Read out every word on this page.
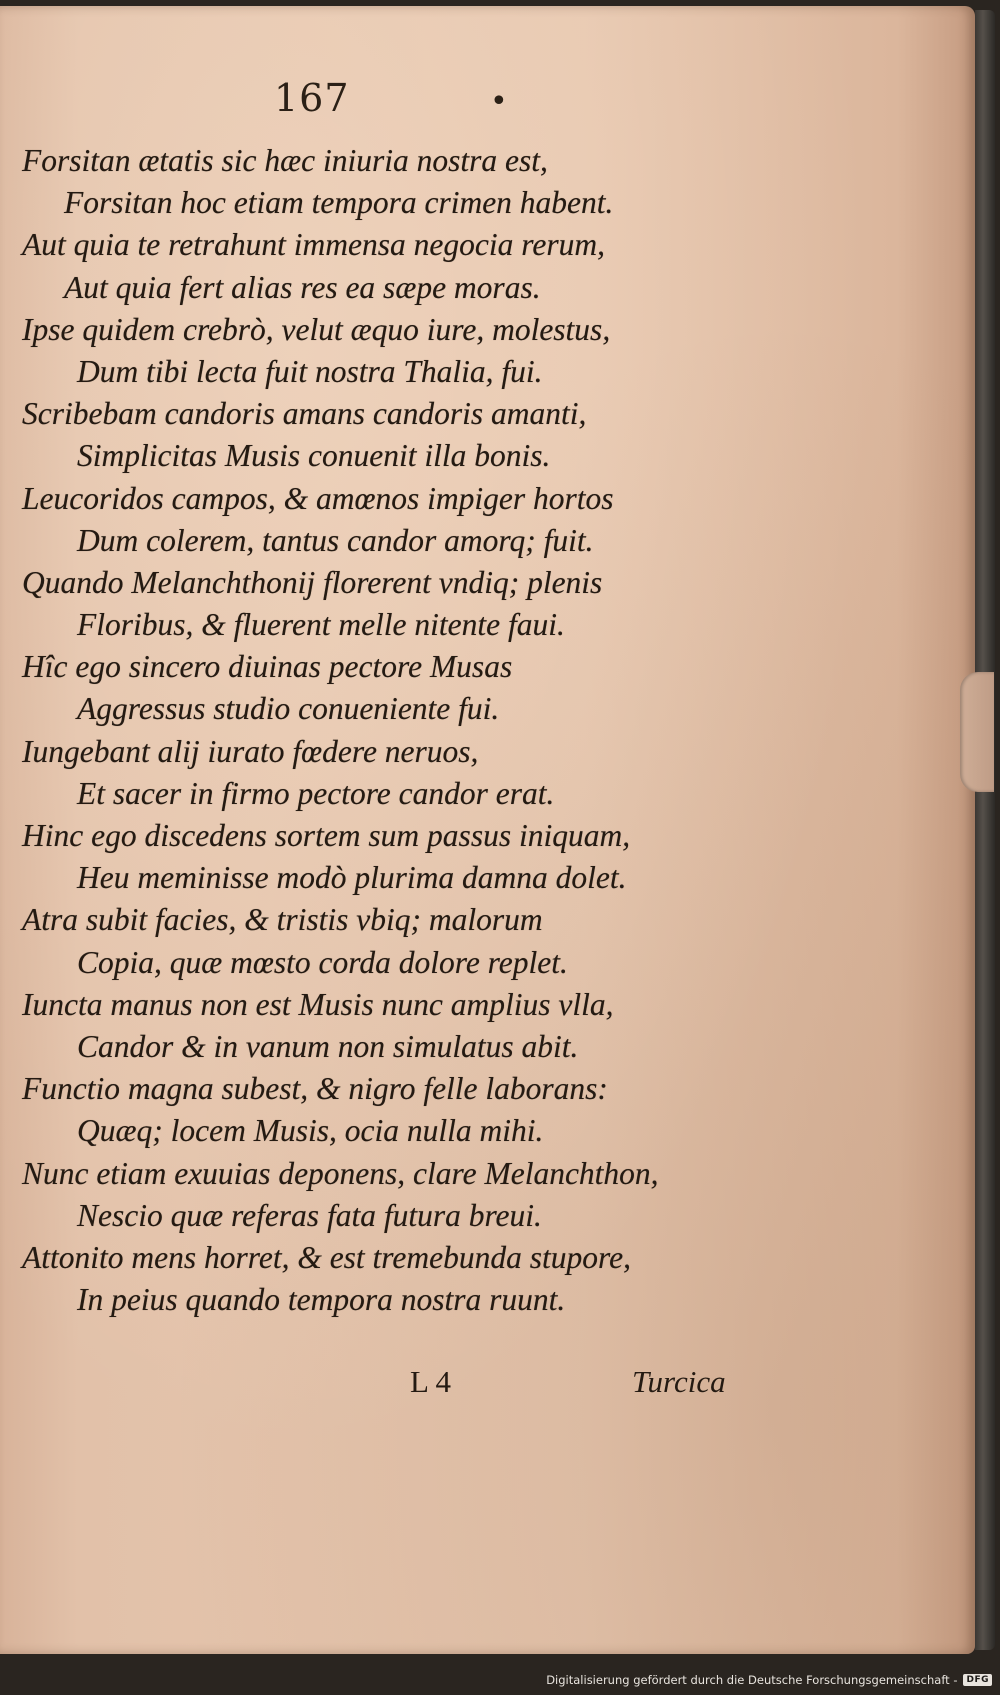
167	•
Forsitan ætatis sic hæc iniuria nostra est,
Forsitan hoc etiam tempora crimen habent.
Aut quia te retrahunt immensa negocia rerum,
Aut quia fert alias res ea sæpe moras.
Ipse quidem crebrò, velut æquo iure, molestus,
Dum tibi lecta fuit nostra Thalia, fui.
Scribebam candoris amans candoris amanti,
Simplicitas Musis conuenit illa bonis.
Leucoridos campos, & amœnos impiger hortos
Dum colerem, tantus candor amorq; fuit.
Quando Melanchthonij florerent vndiq; plenis
Floribus, & fluerent melle nitente faui.
Hîc ego sincero diuinas pectore Musas
Aggressus studio conueniente fui.
Iungebant alij iurato fœdere neruos,
Et sacer in firmo pectore candor erat.
Hinc ego discedens sortem sum passus iniquam,
Heu meminisse modò plurima damna dolet.
Atra subit facies, & tristis vbiq; malorum
Copia, quæ mœsto corda dolore replet.
Iuncta manus non est Musis nunc amplius vlla,
Candor & in vanum non simulatus abit.
Functio magna subest, & nigro felle laborans:
Quæq; locem Musis, ocia nulla mihi.
Nunc etiam exuuias deponens, clare Melanchthon,
Nescio quæ referas fata futura breui.
Attonito mens horret, & est tremebunda stupore,
In peius quando tempora nostra ruunt.
L 4	Turcica
Digitalisierung gefördert durch die Deutsche Forschungsgemeinschaft -	DFG
